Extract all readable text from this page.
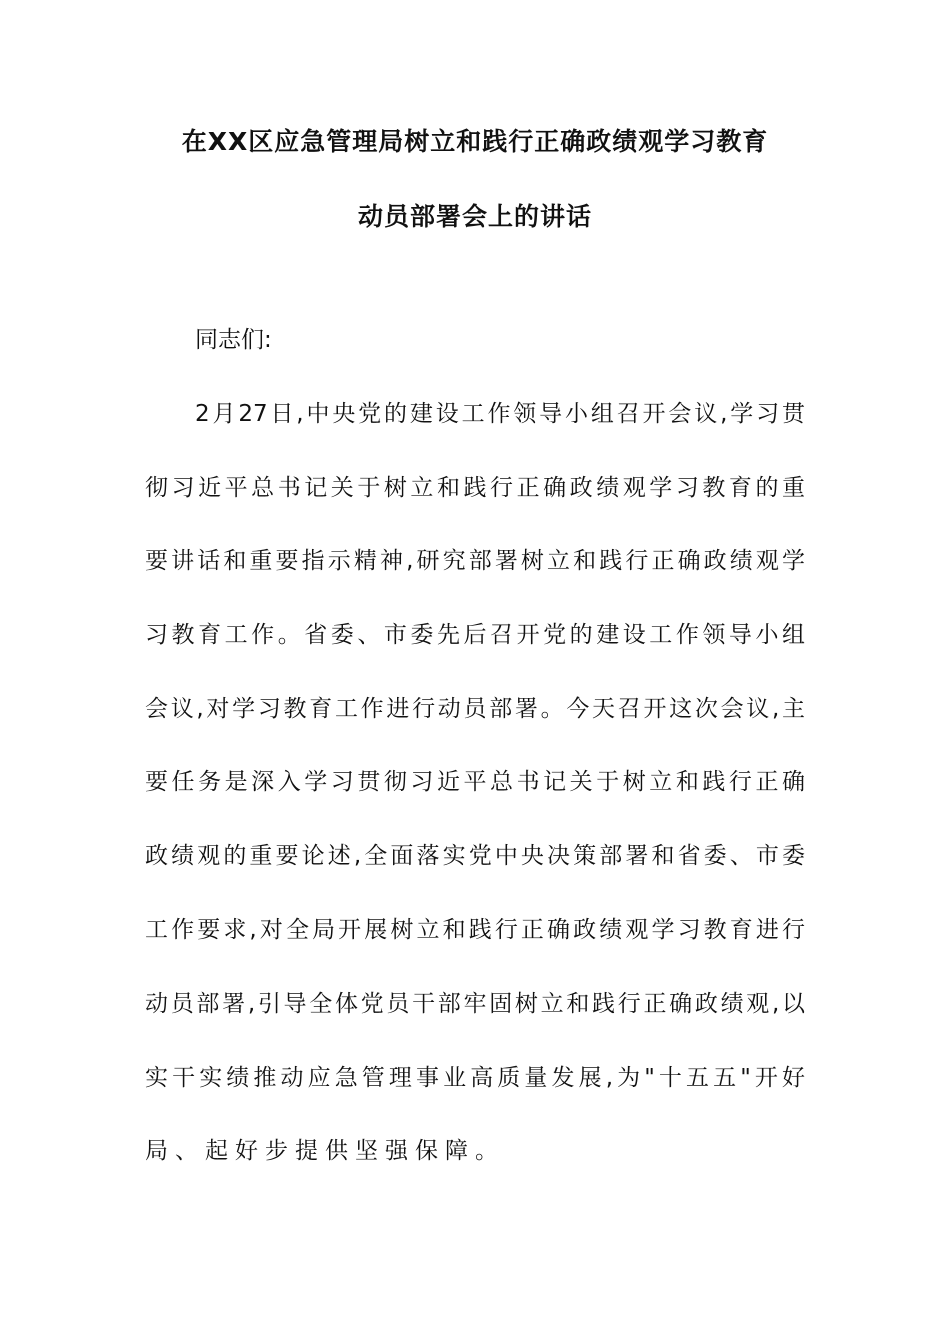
在XX区应急管理局树立和践行正确政绩观学习教育
动员部署会上的讲话
同志们:
2月27日,中央党的建设工作领导小组召开会议,学习贯
彻习近平总书记关于树立和践行正确政绩观学习教育的重
要讲话和重要指示精神,研究部署树立和践行正确政绩观学
习教育工作。省委、市委先后召开党的建设工作领导小组
会议,对学习教育工作进行动员部署。今天召开这次会议,主
要任务是深入学习贯彻习近平总书记关于树立和践行正确
政绩观的重要论述,全面落实党中央决策部署和省委、市委
工作要求,对全局开展树立和践行正确政绩观学习教育进行
动员部署,引导全体党员干部牢固树立和践行正确政绩观,以
实干实绩推动应急管理事业高质量发展,为"十五五"开好
局、起好步提供坚强保障。
